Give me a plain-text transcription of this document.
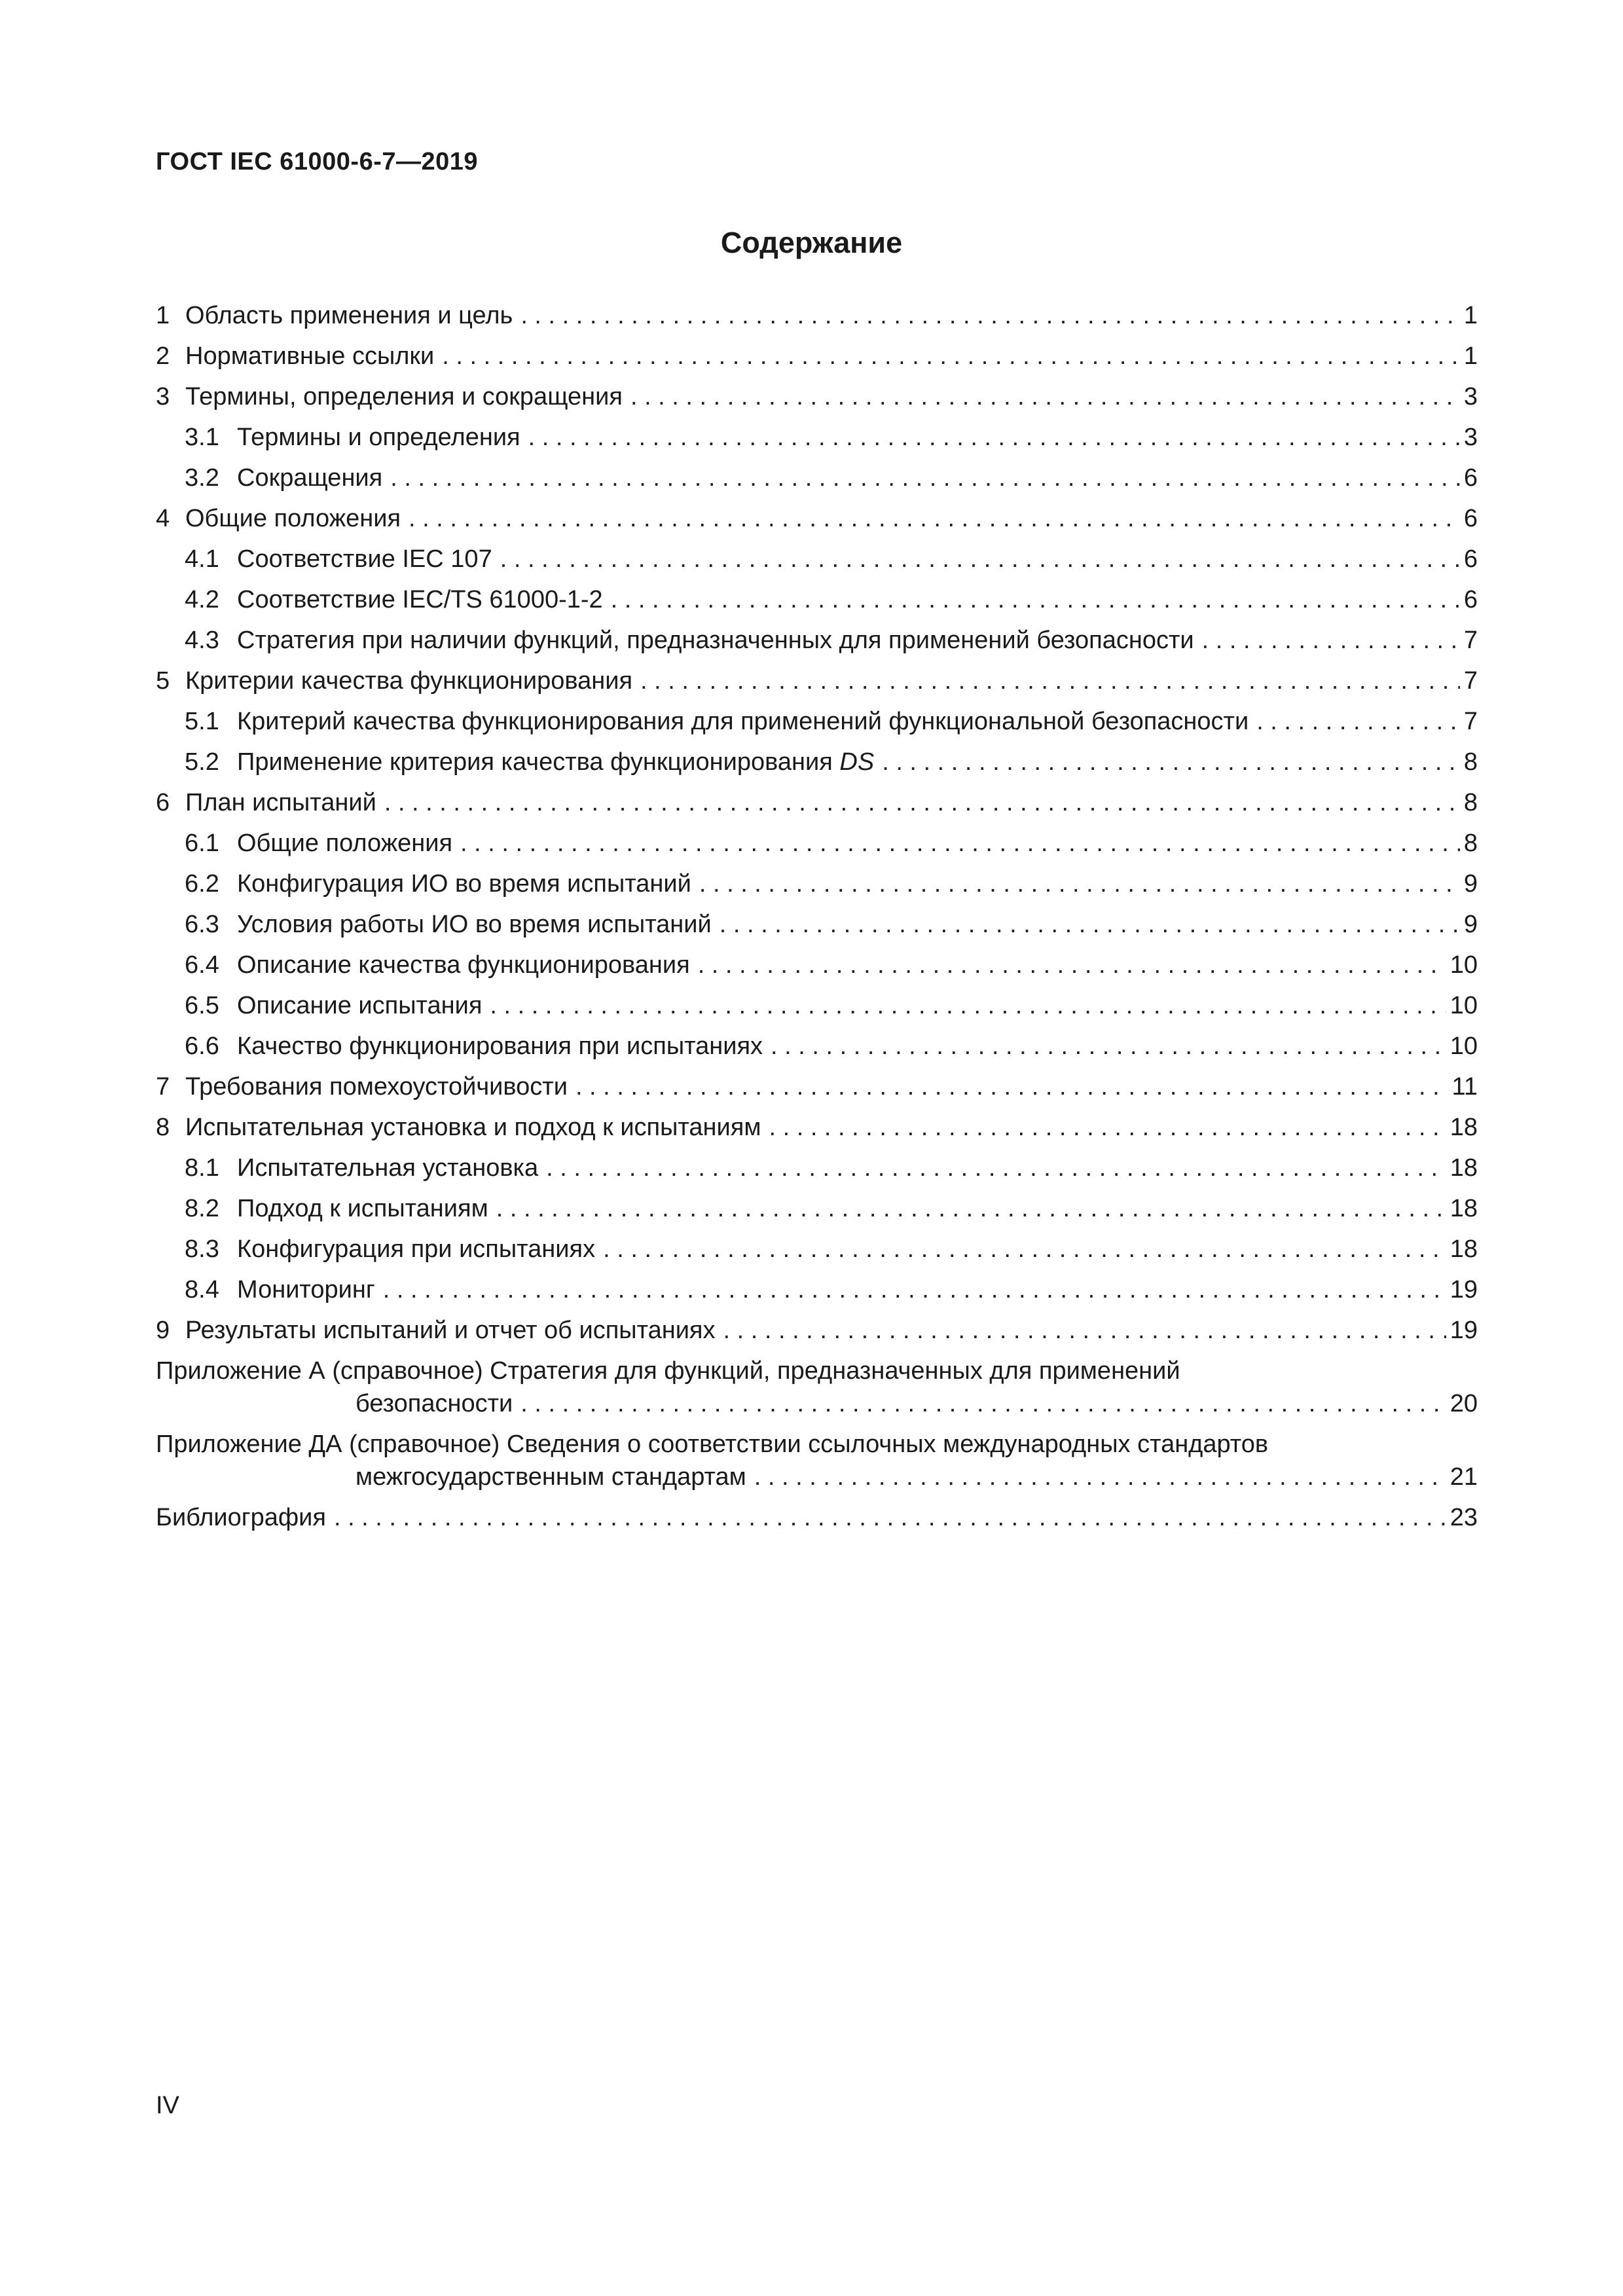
ГОСТ IEC 61000-6-7—2019
Содержание
1 Область применения и цель . . .	1
2 Нормативные ссылки . . .	1
3 Термины, определения и сокращения . . .	3
3.1 Термины и определения . . .	3
3.2 Сокращения . . .	6
4 Общие положения . . .	6
4.1 Соответствие IEC 107 . . .	6
4.2 Соответствие IEC/TS 61000-1-2 . . .	6
4.3 Стратегия при наличии функций, предназначенных для применений безопасности . . .	7
5 Критерии качества функционирования . . .	7
5.1 Критерий качества функционирования для применений функциональной безопасности . . .	7
5.2 Применение критерия качества функционирования DS . . .	8
6 План испытаний . . .	8
6.1 Общие положения . . .	8
6.2 Конфигурация ИО во время испытаний . . .	9
6.3 Условия работы ИО во время испытаний . . .	9
6.4 Описание качества функционирования . . .	10
6.5 Описание испытания . . .	10
6.6 Качество функционирования при испытаниях . . .	10
7 Требования помехоустойчивости . . .	11
8 Испытательная установка и подход к испытаниям . . .	18
8.1 Испытательная установка . . .	18
8.2 Подход к испытаниям . . .	18
8.3 Конфигурация при испытаниях . . .	18
8.4 Мониторинг . . .	19
9 Результаты испытаний и отчет об испытаниях . . .	19
Приложение А (справочное) Стратегия для функций, предназначенных для применений
безопасности . . .	20
Приложение ДА (справочное) Сведения о соответствии ссылочных международных стандартов
межгосударственным стандартам . . .	21
Библиография . . .	23
IV
